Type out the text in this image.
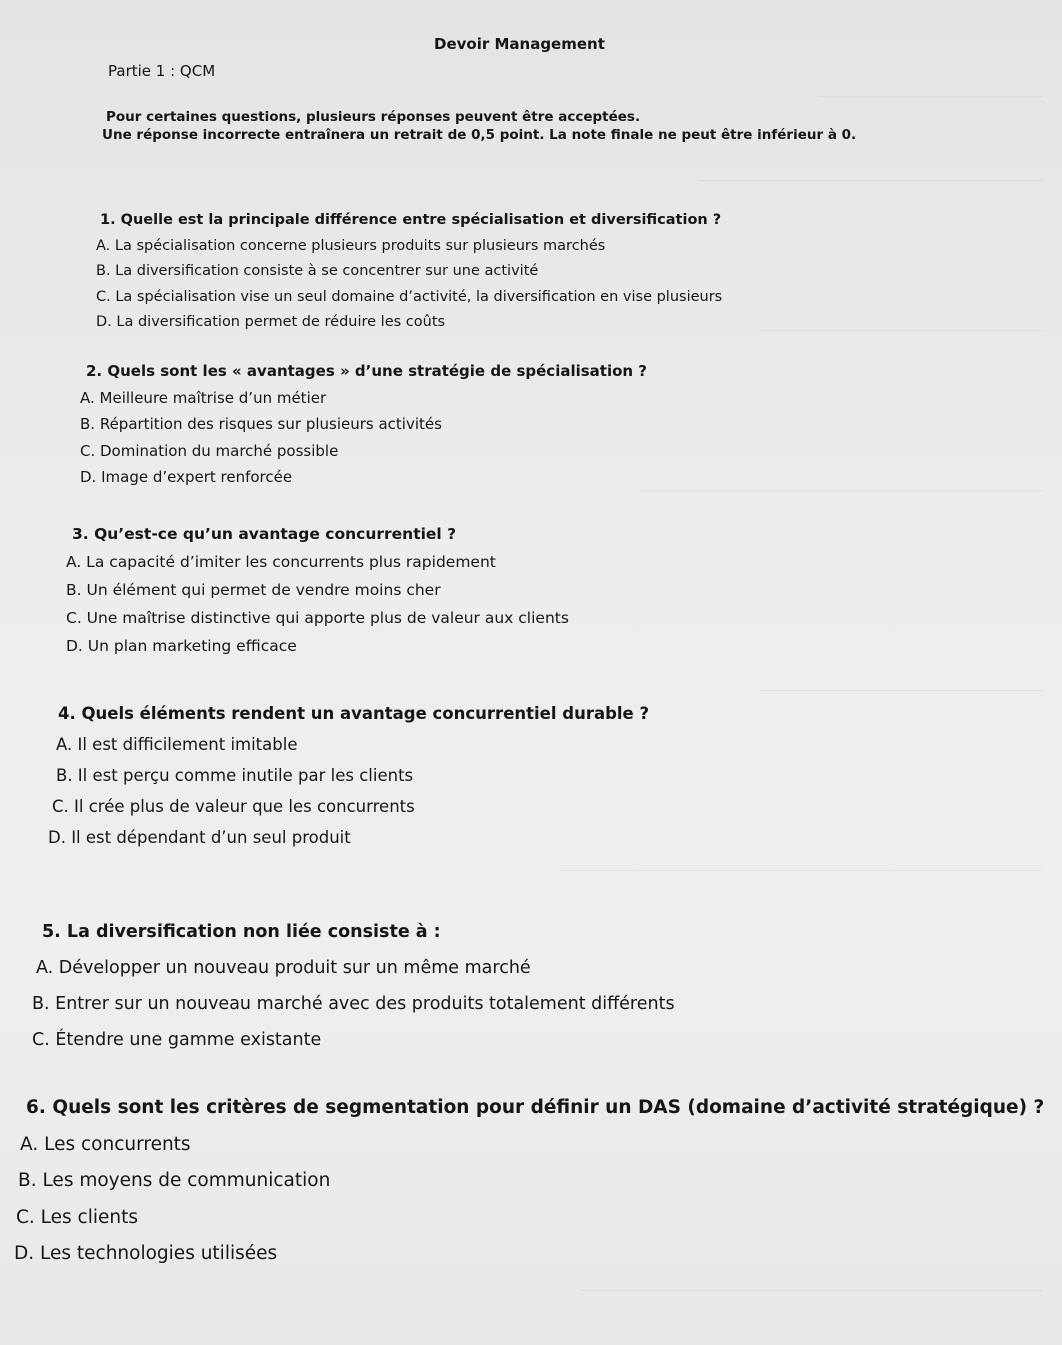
Devoir Management
Partie 1 : QCM
Pour certaines questions, plusieurs réponses peuvent être acceptées.
Une réponse incorrecte entraînera un retrait de 0,5 point. La note finale ne peut être inférieur à 0.
1. Quelle est la principale différence entre spécialisation et diversification ?
A. La spécialisation concerne plusieurs produits sur plusieurs marchés
B. La diversification consiste à se concentrer sur une activité
C. La spécialisation vise un seul domaine d’activité, la diversification en vise plusieurs
D. La diversification permet de réduire les coûts
2. Quels sont les « avantages » d’une stratégie de spécialisation ?
A. Meilleure maîtrise d’un métier
B. Répartition des risques sur plusieurs activités
C. Domination du marché possible
D. Image d’expert renforcée
3. Qu’est-ce qu’un avantage concurrentiel ?
A. La capacité d’imiter les concurrents plus rapidement
B. Un élément qui permet de vendre moins cher
C. Une maîtrise distinctive qui apporte plus de valeur aux clients
D. Un plan marketing efficace
4. Quels éléments rendent un avantage concurrentiel durable ?
A. Il est difficilement imitable
B. Il est perçu comme inutile par les clients
C. Il crée plus de valeur que les concurrents
D. Il est dépendant d’un seul produit
5. La diversification non liée consiste à :
A. Développer un nouveau produit sur un même marché
B. Entrer sur un nouveau marché avec des produits totalement différents
C. Étendre une gamme existante
6. Quels sont les critères de segmentation pour définir un DAS (domaine d’activité stratégique) ?
A. Les concurrents
B. Les moyens de communication
C. Les clients
D. Les technologies utilisées
